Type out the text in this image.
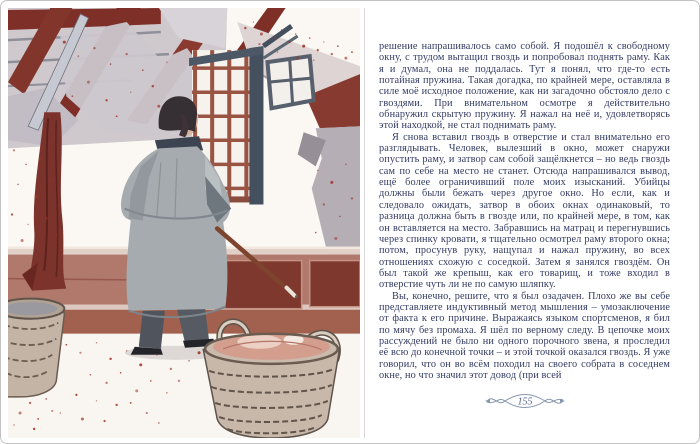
решение напрашивалось само собой. Я подошёл к свободному окну, с трудом вытащил гвоздь и попробовал поднять раму. Как я и думал, она не поддалась. Тут я понял, что где-то есть потайная пружина. Такая догадка, по крайней мере, оставляла в силе моё исходное положение, как ни загадочно обстояло дело с гвоздями. При внимательном осмотре я действительно обнаружил скрытую пружину. Я нажал на неё и, удовлетворясь этой находкой, не стал поднимать раму.

Я снова вставил гвоздь в отверстие и стал внимательно его разглядывать. Человек, вылезший в окно, может снаружи опустить раму, и затвор сам собой защёлкнется – но ведь гвоздь сам по себе на место не станет. Отсюда напрашивался вывод, ещё более ограничивший поле моих изысканий. Убийцы должны были бежать через другое окно. Но если, как и следовало ожидать, затвор в обоих окнах одинаковый, то разница должна быть в гвозде или, по крайней мере, в том, как он вставляется на место. Забравшись на матрац и перегнувшись через спинку кровати, я тщательно осмотрел раму второго окна; потом, просунув руку, нащупал и нажал пружину, во всех отношениях схожую с соседкой. Затем я занялся гвоздём. Он был такой же крепыш, как его товарищ, и тоже входил в отверстие чуть ли не по самую шляпку.

Вы, конечно, решите, что я был озадачен. Плохо же вы себе представляете индуктивный метод мышления – умозаключение от факта к его причине. Выражаясь языком спортсменов, я бил по мячу без промаха. Я шёл по верному следу. В цепочке моих рассуждений не было ни одного порочного звена, я проследил её всю до конечной точки – и этой точкой оказался гвоздь. Я уже говорил, что он во всём походил на своего собрата в соседнем окне, но что значил этот довод (при всей

155
